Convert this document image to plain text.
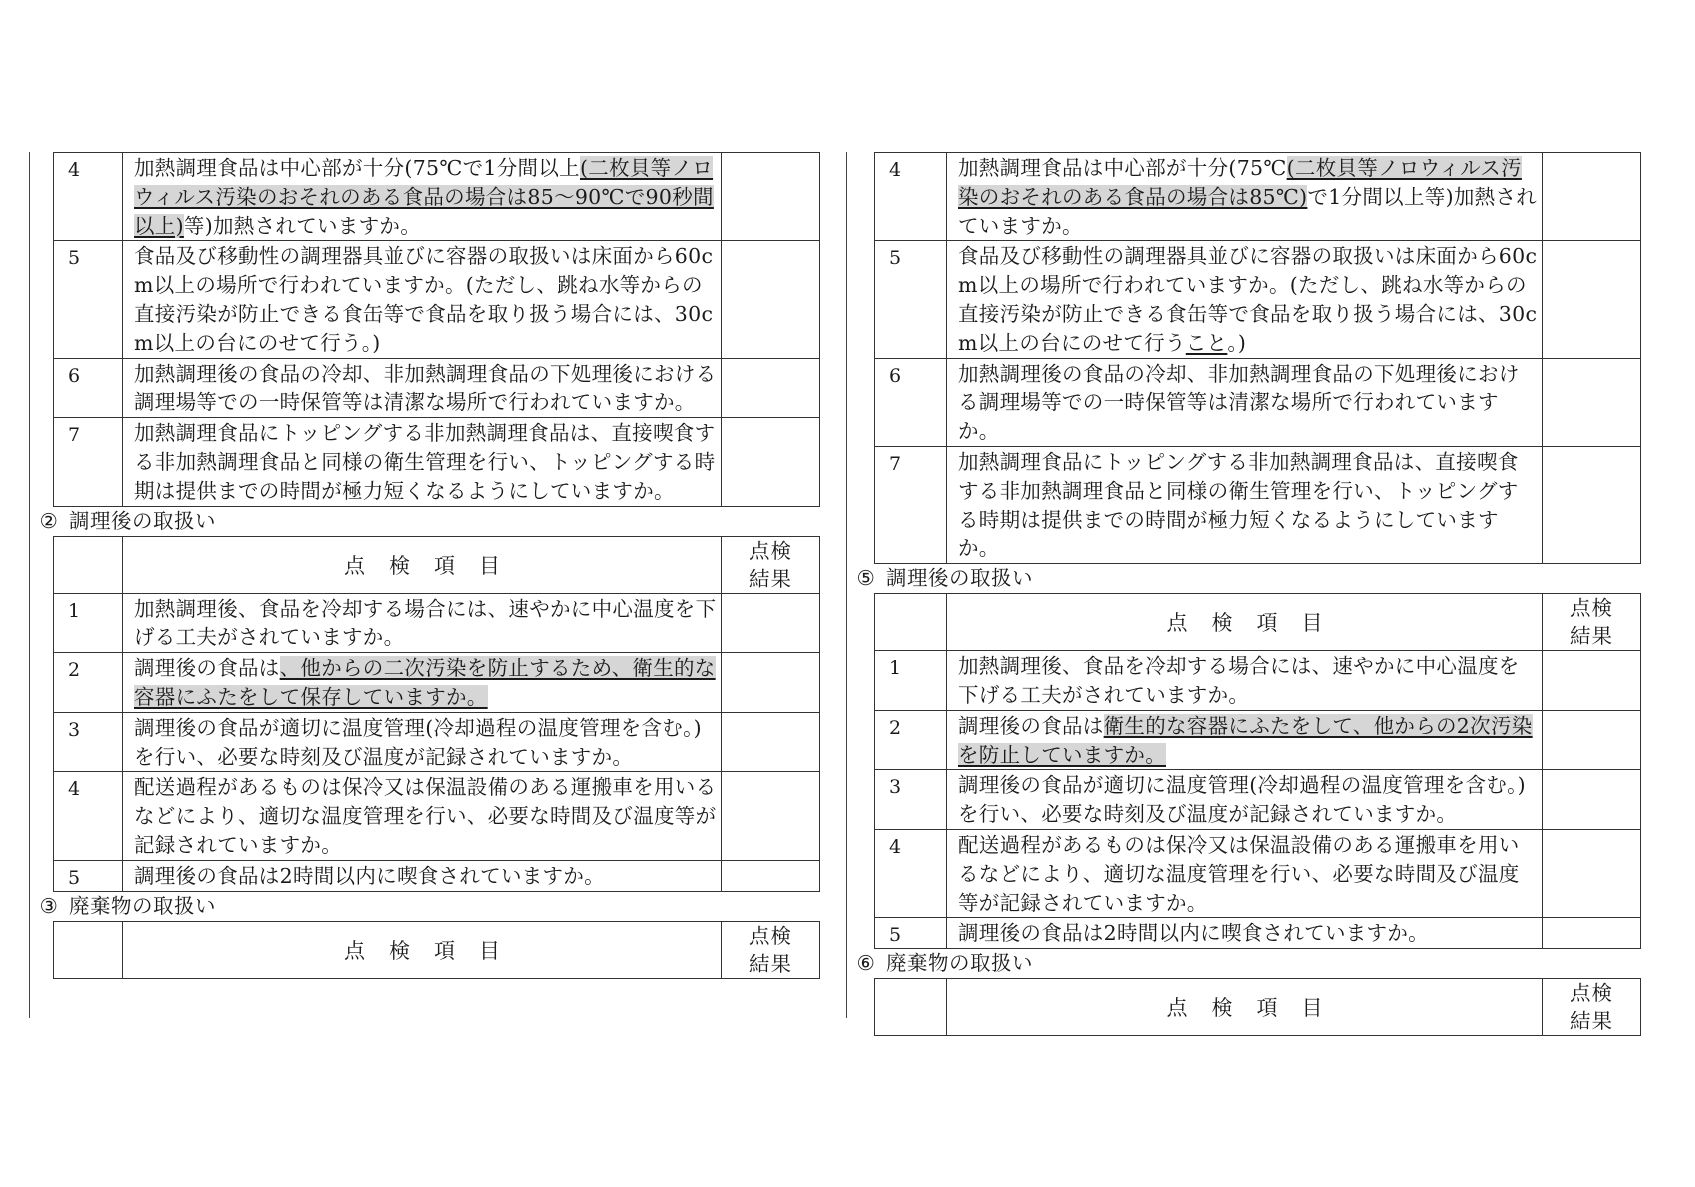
4	加熱調理食品は中心部が十分(75℃で1分間以上(二枚貝等ノロウィルス汚染のおそれのある食品の場合は85～90℃で90秒間以上)等)加熱されていますか。	
5	食品及び移動性の調理器具並びに容器の取扱いは床面から60cm以上の場所で行われていますか。(ただし、跳ね水等からの直接汚染が防止できる食缶等で食品を取り扱う場合には、30cm以上の台にのせて行う。)	
6	加熱調理後の食品の冷却、非加熱調理食品の下処理後における調理場等での一時保管等は清潔な場所で行われていますか。	
7	加熱調理食品にトッピングする非加熱調理食品は、直接喫食する非加熱調理食品と同様の衛生管理を行い、トッピングする時期は提供までの時間が極力短くなるようにしていますか。	
② 調理後の取扱い
	点検項目	点検結果
1	加熱調理後、食品を冷却する場合には、速やかに中心温度を下げる工夫がされていますか。	
2	調理後の食品は、他からの二次汚染を防止するため、衛生的な容器にふたをして保存していますか。	
3	調理後の食品が適切に温度管理(冷却過程の温度管理を含む。)を行い、必要な時刻及び温度が記録されていますか。	
4	配送過程があるものは保冷又は保温設備のある運搬車を用いるなどにより、適切な温度管理を行い、必要な時間及び温度等が記録されていますか。	
5	調理後の食品は2時間以内に喫食されていますか。	
③ 廃棄物の取扱い
	点検項目	点検結果
4	加熱調理食品は中心部が十分(75℃(二枚貝等ノロウィルス汚染のおそれのある食品の場合は85℃)で1分間以上等)加熱されていますか。	
5	食品及び移動性の調理器具並びに容器の取扱いは床面から60cm以上の場所で行われていますか。(ただし、跳ね水等からの直接汚染が防止できる食缶等で食品を取り扱う場合には、30cm以上の台にのせて行うこと。)	
6	加熱調理後の食品の冷却、非加熱調理食品の下処理後における調理場等での一時保管等は清潔な場所で行われていますか。	
7	加熱調理食品にトッピングする非加熱調理食品は、直接喫食する非加熱調理食品と同様の衛生管理を行い、トッピングする時期は提供までの時間が極力短くなるようにしていますか。	
⑤ 調理後の取扱い
	点検項目	点検結果
1	加熱調理後、食品を冷却する場合には、速やかに中心温度を下げる工夫がされていますか。	
2	調理後の食品は衛生的な容器にふたをして、他からの2次汚染を防止していますか。	
3	調理後の食品が適切に温度管理(冷却過程の温度管理を含む。)を行い、必要な時刻及び温度が記録されていますか。	
4	配送過程があるものは保冷又は保温設備のある運搬車を用いるなどにより、適切な温度管理を行い、必要な時間及び温度等が記録されていますか。	
5	調理後の食品は2時間以内に喫食されていますか。	
⑥ 廃棄物の取扱い
	点検項目	点検結果
